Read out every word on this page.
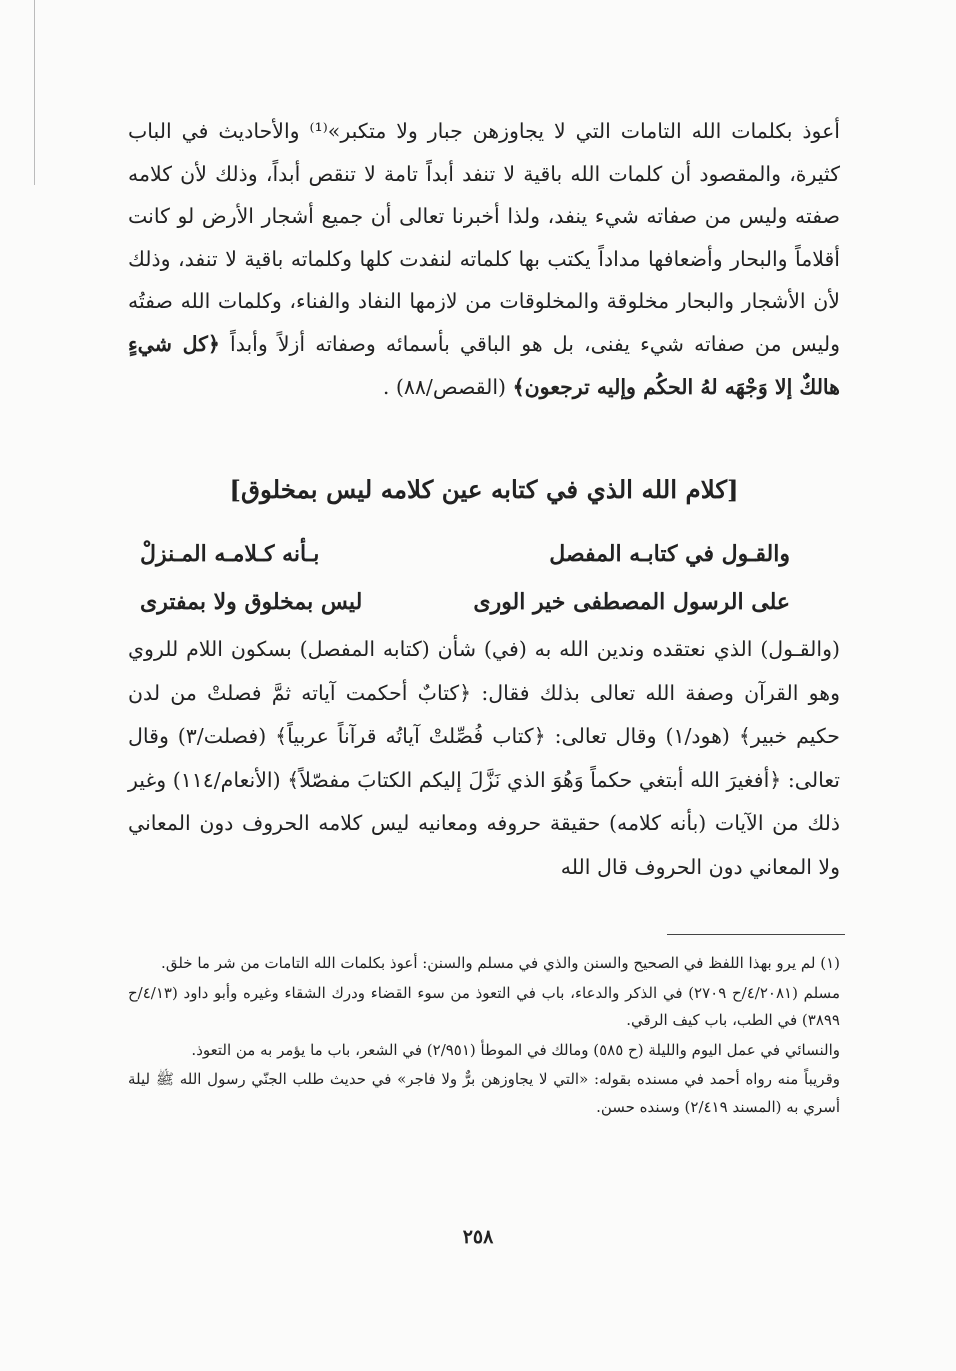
أعوذ بكلمات الله التامات التي لا يجاوزهن جبار ولا متكبر»⁽¹⁾ والأحاديث في الباب كثيرة، والمقصود أن كلمات الله باقية لا تنفد أبداً تامة لا تنقص أبداً، وذلك لأن كلامه صفته وليس من صفاته شيء ينفد، ولذا أخبرنا تعالى أن جميع أشجار الأرض لو كانت أقلاماً والبحار وأضعافها مداداً يكتب بها كلماته لنفدت كلها وكلماته باقية لا تنفد، وذلك لأن الأشجار والبحار مخلوقة والمخلوقات من لازمها النفاد والفناء، وكلمات الله صفتُه وليس من صفاته شيء يفنى، بل هو الباقي بأسمائه وصفاته أزلاً وأبداً ﴿كل شيءٍ هالكٌ إلا وَجْهَه لهُ الحكُم وإليه ترجعون﴾ (القصص/٨٨) .

[كلام الله الذي في كتابه عين كلامه ليس بمخلوق]
والقـول في كتابـه المفصل
بـأنه كـلامـه المـنزلْ
على الرسول المصطفى خير الورى
ليس بمخلوق ولا بمفترى

(والقـول) الذي نعتقده وندين الله به (في) شأن (كتابه المفصل) بسكون اللام للروي وهو القرآن وصفة الله تعالى بذلك فقال: ﴿كتابٌ أحكمت آياته ثمَّ فصلتْ من لدن حكيم خبير﴾ (هود/١) وقال تعالى: ﴿كتاب فُصِّلتْ آياتُه قرآناً عربياً﴾ (فصلت/٣) وقال تعالى: ﴿أفغيرَ الله أبتغي حكماً وَهُوَ الذي نَزَّلَ إليكم الكتابَ مفصّلاً﴾ (الأنعام/١١٤) وغير ذلك من الآيات (بأنه كلامه) حقيقة حروفه ومعانيه ليس كلامه الحروف دون المعاني ولا المعاني دون الحروف قال الله

(١) لم يرو بهذا اللفظ في الصحيح والسنن والذي في مسلم والسنن: أعوذ بكلمات الله التامات من شر ما خلق.

مسلم (٤/٢٠٨١/ح ٢٧٠٩) في الذكر والدعاء، باب في التعوذ من سوء القضاء ودرك الشقاء وغيره وأبو داود (٤/١٣/ح ٣٨٩٩) في الطب، باب كيف الرقي.

والنسائي في عمل اليوم والليلة (ح ٥٨٥) ومالك في الموطأ (٢/٩٥١) في الشعر، باب ما يؤمر به من التعوذ.

وقريباً منه رواه أحمد في مسنده بقوله: «التي لا يجاوزهن برٌّ ولا فاجر» في حديث طلب الجنّي رسول الله ﷺ ليلة أسري به (المسند ٢/٤١٩) وسنده حسن.

٢٥٨
